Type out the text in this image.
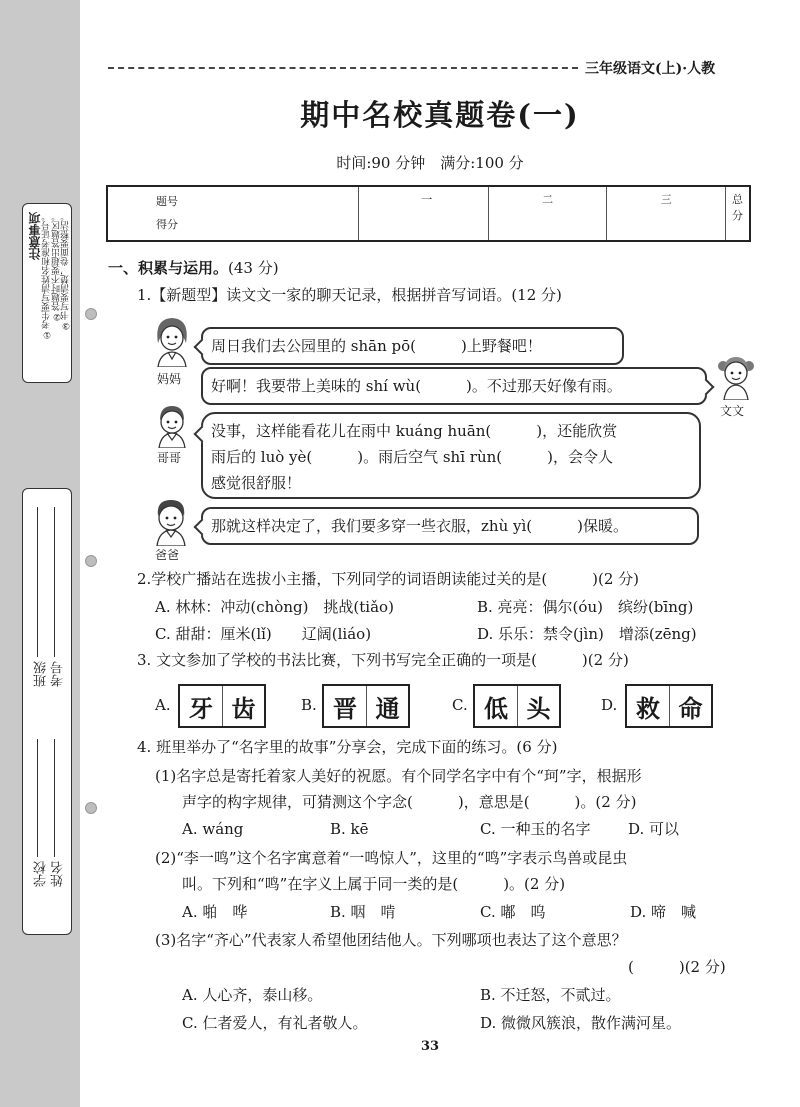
注意事项 ①考生要写清姓名和准考证号。 ②答题时不要超出答题区。 ③书写要清楚，卷面要整洁。
班级 考号
学校 姓名
三年级语文(上)·人教
期中名校真题卷(一)
时间:90 分钟　满分:100 分
题号	一	二	三	总分
得分
一、积累与运用。(43 分)
1.【新题型】读文文一家的聊天记录，根据拼音写词语。(12 分)
妈妈
文文
哥哥
爸爸
周日我们去公园里的 shān pō(　　　)上野餐吧！
好啊！我要带上美味的 shí wù(　　　)。不过那天好像有雨。
没事，这样能看花儿在雨中 kuáng huān(　　　)，还能欣赏
雨后的 luò yè(　　　)。雨后空气 shī rùn(　　　)，会令人
感觉很舒服！
那就这样决定了，我们要多穿一些衣服，zhù yì(　　　)保暖。
2.学校广播站在选拔小主播，下列同学的词语朗读能过关的是(　　　)(2 分)
A. 林林：冲动(chòng)　挑战(tiǎo)	B. 亮亮：偶尔(óu)　缤纷(bīng)
C. 甜甜：厘米(lǐ)　　辽阔(liáo)	D. 乐乐：禁令(jìn)　增添(zēng)
3. 文文参加了学校的书法比赛，下列书写完全正确的一项是(　　　)(2 分)
A. 牙 齿	B. 晋 通	C. 低 头	D. 救 命
4. 班里举办了“名字里的故事”分享会，完成下面的练习。(6 分)
(1)名字总是寄托着家人美好的祝愿。有个同学名字中有个“珂”字，根据形
声字的构字规律，可猜测这个字念(　　　)，意思是(　　　)。(2 分)
A. wáng	B. kē	C. 一种玉的名字	D. 可以
(2)“李一鸣”这个名字寓意着“一鸣惊人”，这里的“鸣”字表示鸟兽或昆虫
叫。下列和“鸣”在字义上属于同一类的是(　　　)。(2 分)
A. 啪　哗	B. 咽　啃	C. 嘟　呜	D. 啼　喊
(3)名字“齐心”代表家人希望他团结他人。下列哪项也表达了这个意思？
(　　　)(2 分)
A. 人心齐，泰山移。	B. 不迁怒，不贰过。
C. 仁者爱人，有礼者敬人。	D. 微微风簇浪，散作满河星。
33
